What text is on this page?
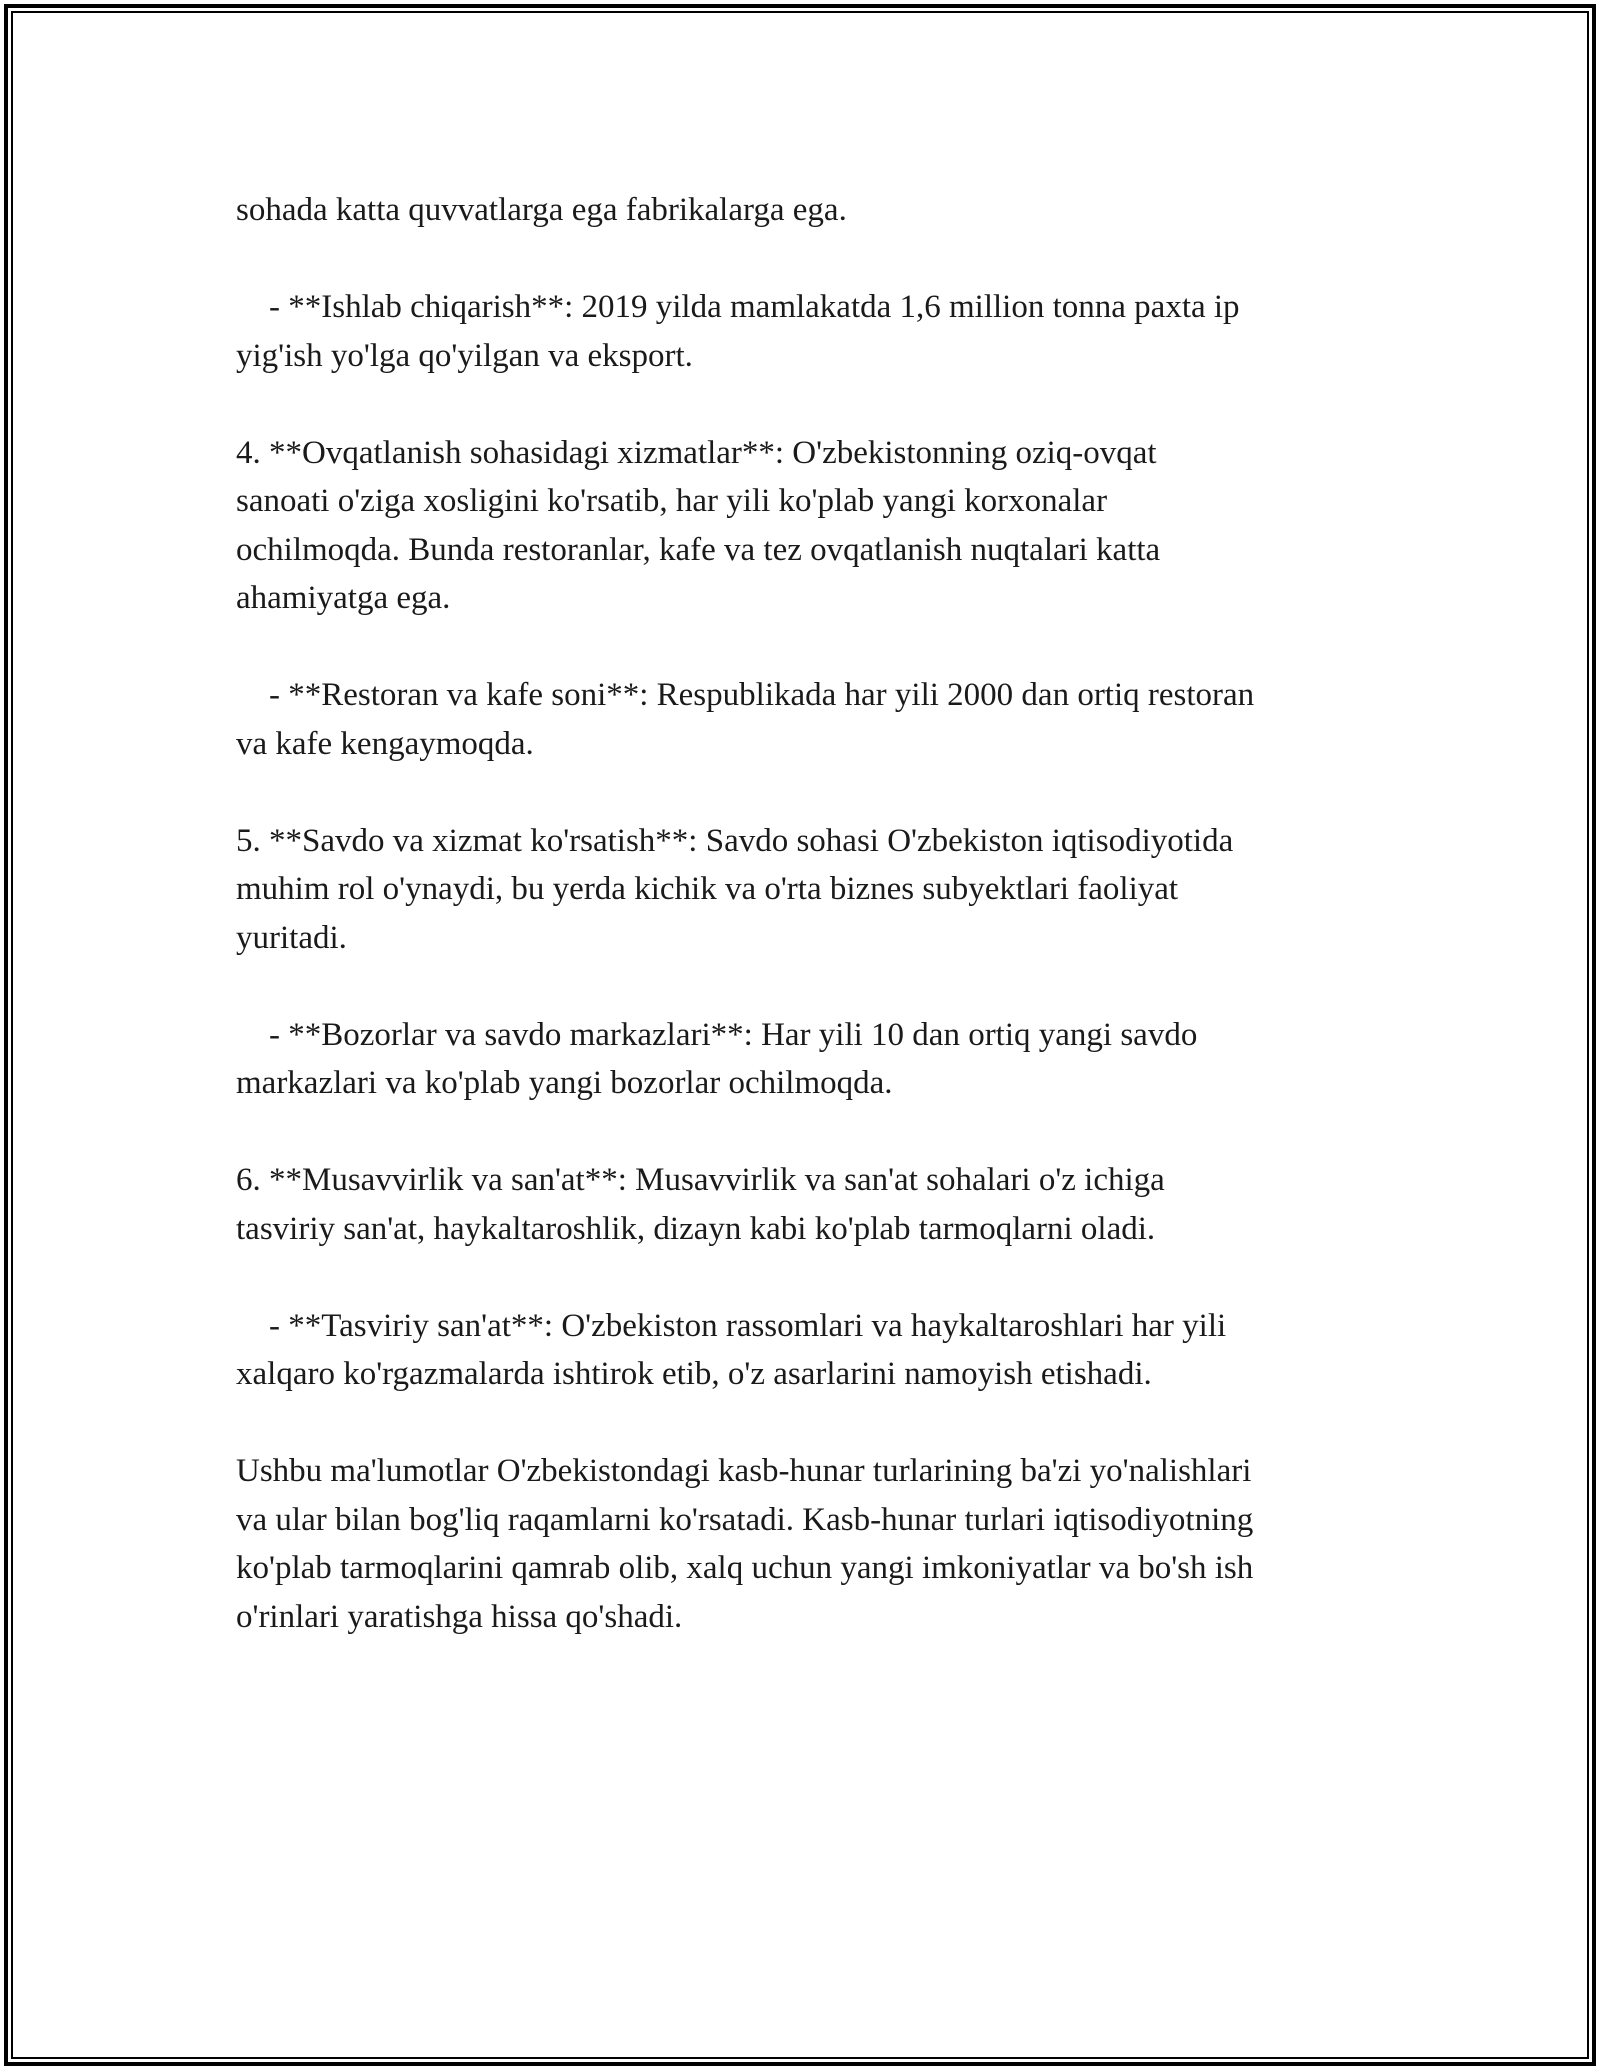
sohada katta quvvatlarga ega fabrikalarga ega.

- **Ishlab chiqarish**: 2019 yilda mamlakatda 1,6 million tonna paxta ip
yig'ish yo'lga qo'yilgan va eksport.

4. **Ovqatlanish sohasidagi xizmatlar**: O'zbekistonning oziq-ovqat
sanoati o'ziga xosligini ko'rsatib, har yili ko'plab yangi korxonalar
ochilmoqda. Bunda restoranlar, kafe va tez ovqatlanish nuqtalari katta
ahamiyatga ega.

- **Restoran va kafe soni**: Respublikada har yili 2000 dan ortiq restoran
va kafe kengaymoqda.

5. **Savdo va xizmat ko'rsatish**: Savdo sohasi O'zbekiston iqtisodiyotida
muhim rol o'ynaydi, bu yerda kichik va o'rta biznes subyektlari faoliyat
yuritadi.

- **Bozorlar va savdo markazlari**: Har yili 10 dan ortiq yangi savdo
markazlari va ko'plab yangi bozorlar ochilmoqda.

6. **Musavvirlik va san'at**: Musavvirlik va san'at sohalari o'z ichiga
tasviriy san'at, haykaltaroshlik, dizayn kabi ko'plab tarmoqlarni oladi.

- **Tasviriy san'at**: O'zbekiston rassomlari va haykaltaroshlari har yili
xalqaro ko'rgazmalarda ishtirok etib, o'z asarlarini namoyish etishadi.

Ushbu ma'lumotlar O'zbekistondagi kasb-hunar turlarining ba'zi yo'nalishlari
va ular bilan bog'liq raqamlarni ko'rsatadi. Kasb-hunar turlari iqtisodiyotning
ko'plab tarmoqlarini qamrab olib, xalq uchun yangi imkoniyatlar va bo'sh ish
o'rinlari yaratishga hissa qo'shadi.
